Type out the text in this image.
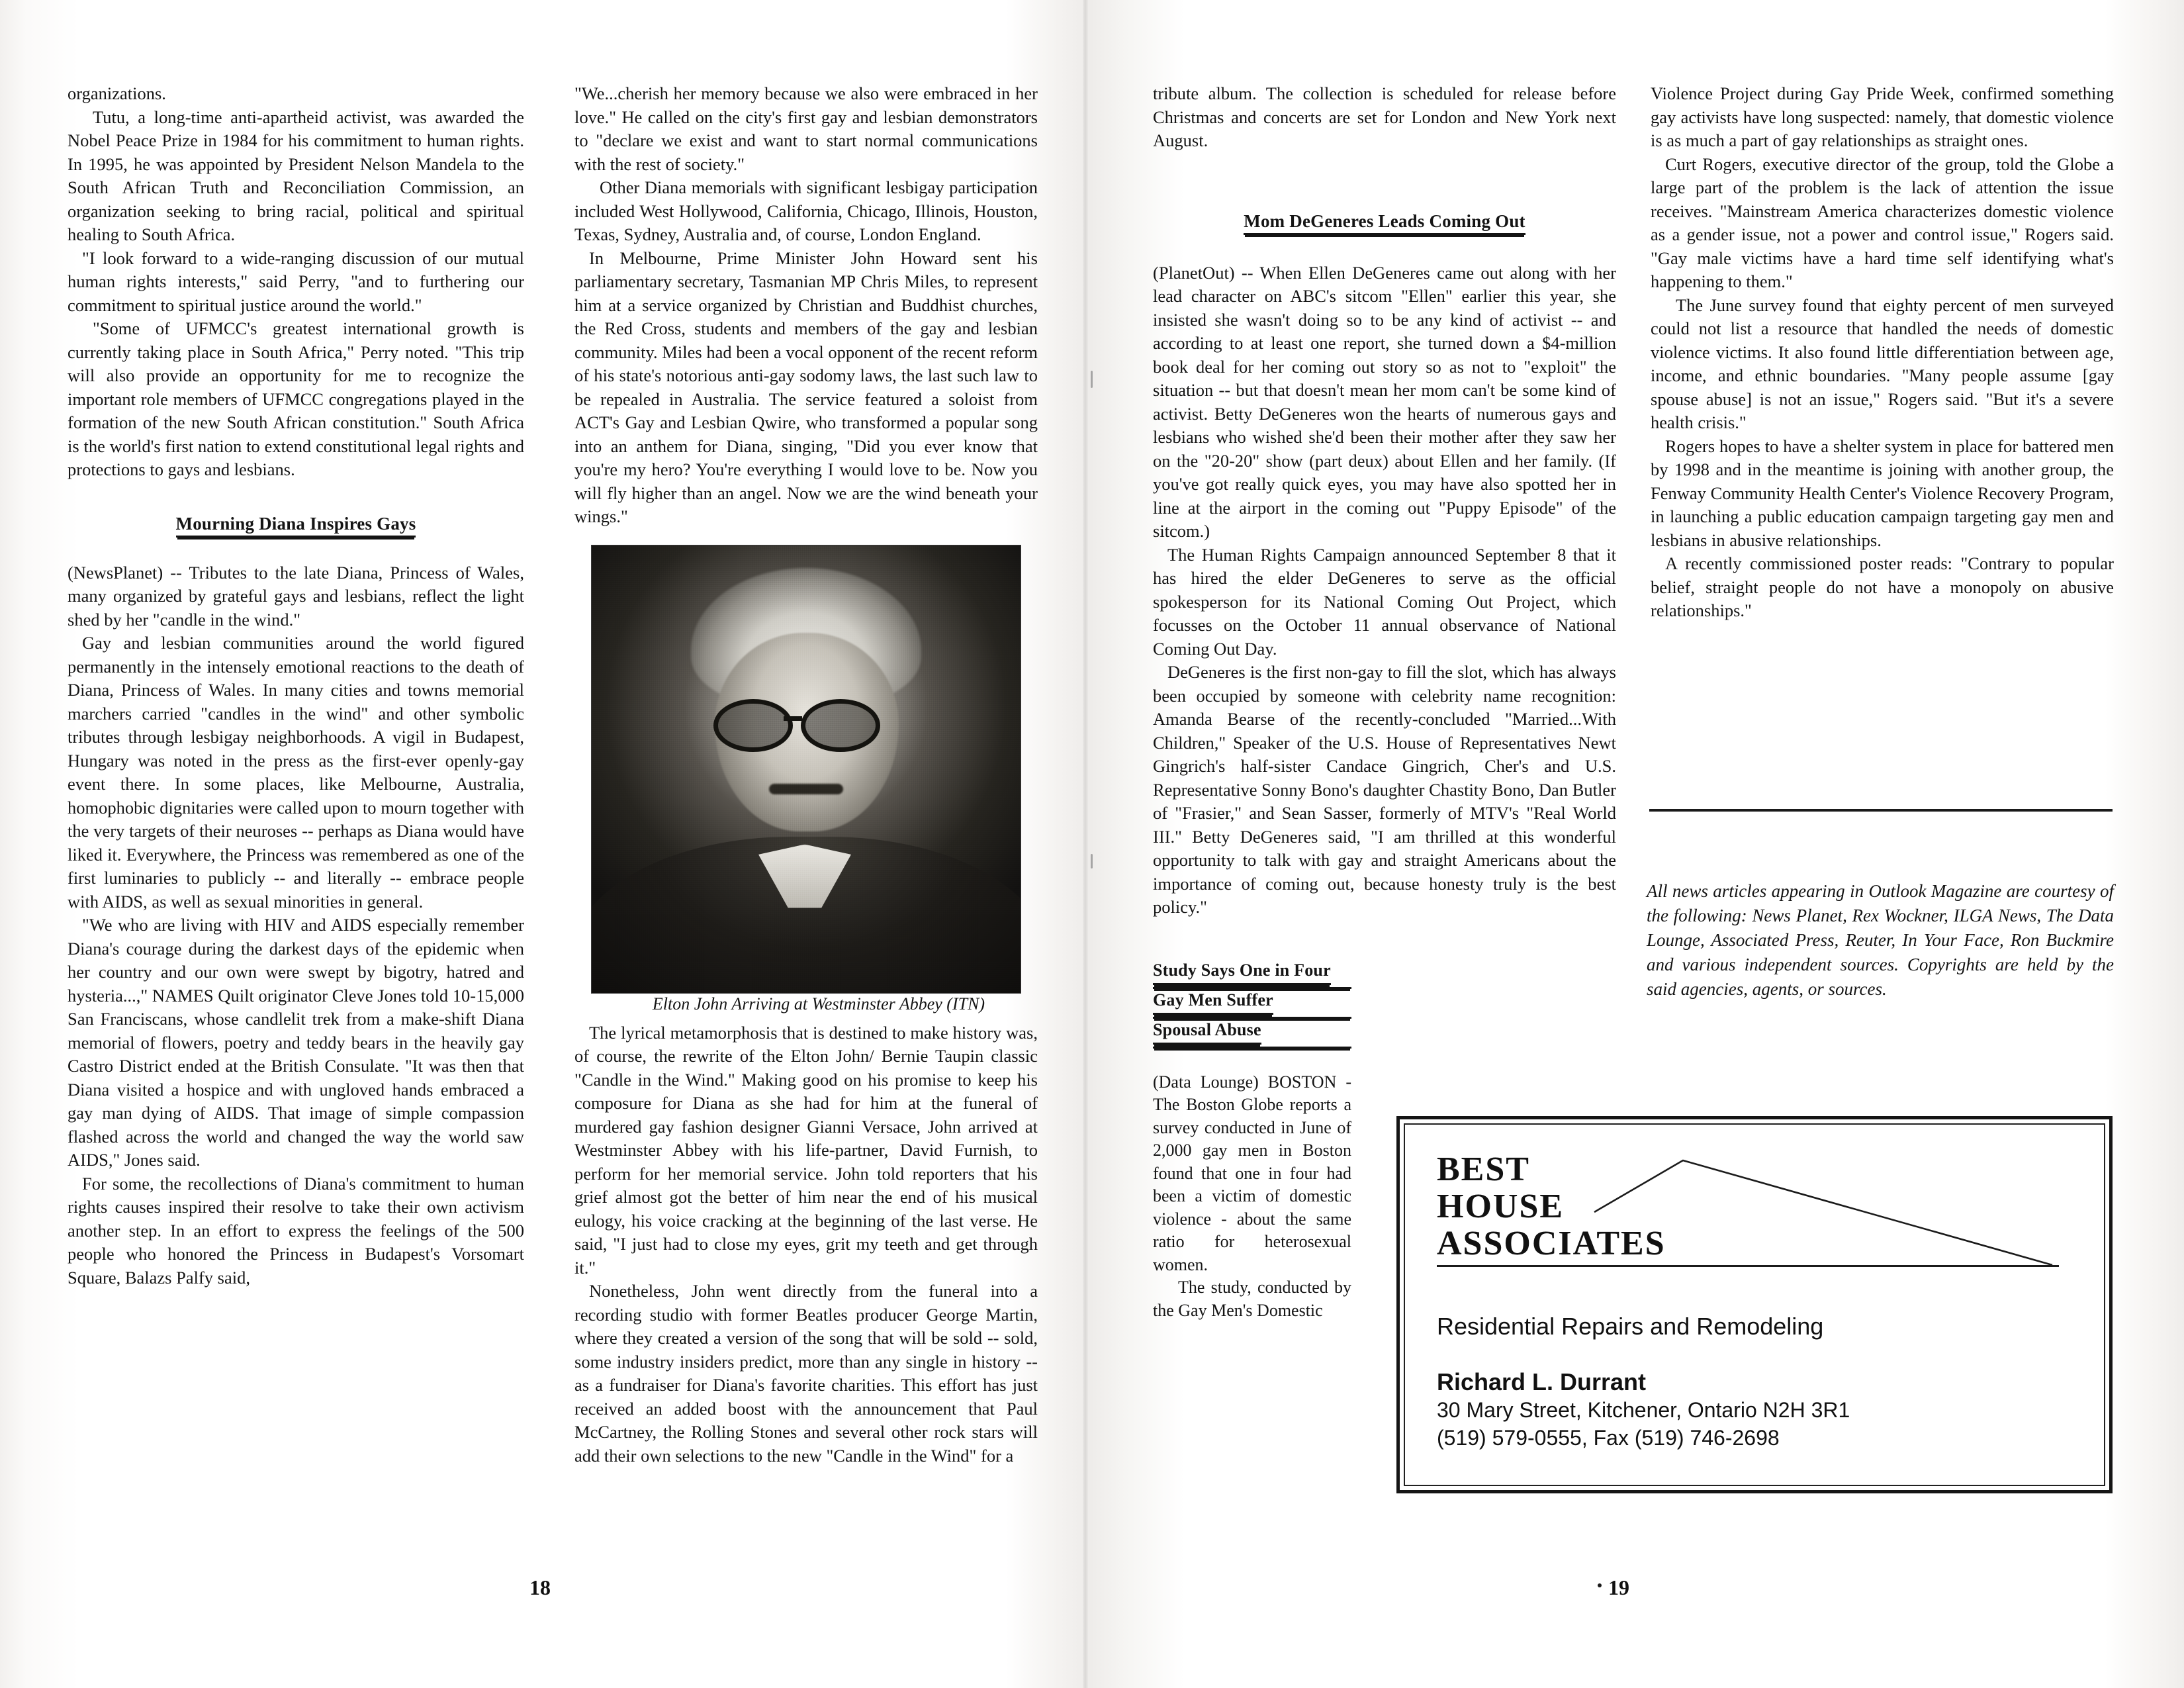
organizations.

Tutu, a long-time anti-apartheid activist, was awarded the Nobel Peace Prize in 1984 for his commitment to human rights. In 1995, he was appointed by President Nelson Mandela to the South African Truth and Reconciliation Commission, an organization seeking to bring racial, political and spiritual healing to South Africa.

"I look forward to a wide-ranging discussion of our mutual human rights interests," said Perry, "and to furthering our commitment to spiritual justice around the world."

"Some of UFMCC's greatest international growth is currently taking place in South Africa," Perry noted. "This trip will also provide an opportunity for me to recognize the important role members of UFMCC congregations played in the formation of the new South African constitution." South Africa is the world's first nation to extend constitutional legal rights and protections to gays and lesbians.

Mourning Diana Inspires Gays

(NewsPlanet) -- Tributes to the late Diana, Princess of Wales, many organized by grateful gays and lesbians, reflect the light shed by her "candle in the wind."

Gay and lesbian communities around the world figured permanently in the intensely emotional reactions to the death of Diana, Princess of Wales. In many cities and towns memorial marchers carried "candles in the wind" and other symbolic tributes through lesbigay neighborhoods. A vigil in Budapest, Hungary was noted in the press as the first-ever openly-gay event there. In some places, like Melbourne, Australia, homophobic dignitaries were called upon to mourn together with the very targets of their neuroses -- perhaps as Diana would have liked it. Everywhere, the Princess was remembered as one of the first luminaries to publicly -- and literally -- embrace people with AIDS, as well as sexual minorities in general.

"We who are living with HIV and AIDS especially remember Diana's courage during the darkest days of the epidemic when her country and our own were swept by bigotry, hatred and hysteria...," NAMES Quilt originator Cleve Jones told 10-15,000 San Franciscans, whose candlelit trek from a make-shift Diana memorial of flowers, poetry and teddy bears in the heavily gay Castro District ended at the British Consulate. "It was then that Diana visited a hospice and with ungloved hands embraced a gay man dying of AIDS. That image of simple compassion flashed across the world and changed the way the world saw AIDS," Jones said.

For some, the recollections of Diana's commitment to human rights causes inspired their resolve to take their own activism another step. In an effort to express the feelings of the 500 people who honored the Princess in Budapest's Vorsomart Square, Balazs Palfy said,

"We...cherish her memory because we also were embraced in her love." He called on the city's first gay and lesbian demonstrators to "declare we exist and want to start normal communications with the rest of society."

Other Diana memorials with significant lesbigay participation included West Hollywood, California, Chicago, Illinois, Houston, Texas, Sydney, Australia and, of course, London England.

In Melbourne, Prime Minister John Howard sent his parliamentary secretary, Tasmanian MP Chris Miles, to represent him at a service organized by Christian and Buddhist churches, the Red Cross, students and members of the gay and lesbian community. Miles had been a vocal opponent of the recent reform of his state's notorious anti-gay sodomy laws, the last such law to be repealed in Australia. The service featured a soloist from ACT's Gay and Lesbian Qwire, who transformed a popular song into an anthem for Diana, singing, "Did you ever know that you're my hero? You're everything I would love to be. Now you will fly higher than an angel. Now we are the wind beneath your wings."

Elton John Arriving at Westminster Abbey (ITN)

The lyrical metamorphosis that is destined to make history was, of course, the rewrite of the Elton John/ Bernie Taupin classic "Candle in the Wind." Making good on his promise to keep his composure for Diana as she had for him at the funeral of murdered gay fashion designer Gianni Versace, John arrived at Westminster Abbey with his life-partner, David Furnish, to perform for her memorial service. John told reporters that his grief almost got the better of him near the end of his musical eulogy, his voice cracking at the beginning of the last verse. He said, "I just had to close my eyes, grit my teeth and get through it."

Nonetheless, John went directly from the funeral into a recording studio with former Beatles producer George Martin, where they created a version of the song that will be sold -- sold, some industry insiders predict, more than any single in history -- as a fundraiser for Diana's favorite charities. This effort has just received an added boost with the announcement that Paul McCartney, the Rolling Stones and several other rock stars will add their own selections to the new "Candle in the Wind" for a

tribute album. The collection is scheduled for release before Christmas and concerts are set for London and New York next August.

Mom DeGeneres Leads Coming Out

(PlanetOut) -- When Ellen DeGeneres came out along with her lead character on ABC's sitcom "Ellen" earlier this year, she insisted she wasn't doing so to be any kind of activist -- and according to at least one report, she turned down a $4-million book deal for her coming out story so as not to "exploit" the situation -- but that doesn't mean her mom can't be some kind of activist. Betty DeGeneres won the hearts of numerous gays and lesbians who wished she'd been their mother after they saw her on the "20-20" show (part deux) about Ellen and her family. (If you've got really quick eyes, you may have also spotted her in line at the airport in the coming out "Puppy Episode" of the sitcom.)

The Human Rights Campaign announced September 8 that it has hired the elder DeGeneres to serve as the official spokesperson for its National Coming Out Project, which focusses on the October 11 annual observance of National Coming Out Day.

DeGeneres is the first non-gay to fill the slot, which has always been occupied by someone with celebrity name recognition: Amanda Bearse of the recently-concluded "Married...With Children," Speaker of the U.S. House of Representatives Newt Gingrich's half-sister Candace Gingrich, Cher's and U.S. Representative Sonny Bono's daughter Chastity Bono, Dan Butler of "Frasier," and Sean Sasser, formerly of MTV's "Real World III." Betty DeGeneres said, "I am thrilled at this wonderful opportunity to talk with gay and straight Americans about the importance of coming out, because honesty truly is the best policy."

Study Says One in Four
Gay Men Suffer
Spousal Abuse

(Data Lounge) BOSTON - The Boston Globe reports a survey conducted in June of 2,000 gay men in Boston found that one in four had been a victim of domestic violence - about the same ratio for heterosexual women.

The study, conducted by the Gay Men's Domestic

Violence Project during Gay Pride Week, confirmed something gay activists have long suspected: namely, that domestic violence is as much a part of gay relationships as straight ones.

Curt Rogers, executive director of the group, told the Globe a large part of the problem is the lack of attention the issue receives. "Mainstream America characterizes domestic violence as a gender issue, not a power and control issue," Rogers said. "Gay male victims have a hard time self identifying what's happening to them."

The June survey found that eighty percent of men surveyed could not list a resource that handled the needs of domestic violence victims. It also found little differentiation between age, income, and ethnic boundaries. "Many people assume [gay spouse abuse] is not an issue," Rogers said. "But it's a severe health crisis."

Rogers hopes to have a shelter system in place for battered men by 1998 and in the meantime is joining with another group, the Fenway Community Health Center's Violence Recovery Program, in launching a public education campaign targeting gay men and lesbians in abusive relationships.

A recently commissioned poster reads: "Contrary to popular belief, straight people do not have a monopoly on abusive relationships."

All news articles appearing in Outlook Magazine are courtesy of the following: News Planet, Rex Wockner, ILGA News, The Data Lounge, Associated Press, Reuter, In Your Face, Ron Buckmire and various independent sources. Copyrights are held by the said agencies, agents, or sources.
BEST
HOUSE
ASSOCIATES
Residential Repairs and Remodeling
Richard L. Durrant
30 Mary Street, Kitchener, Ontario N2H 3R1
(519) 579-0555, Fax (519) 746-2698
18	19
